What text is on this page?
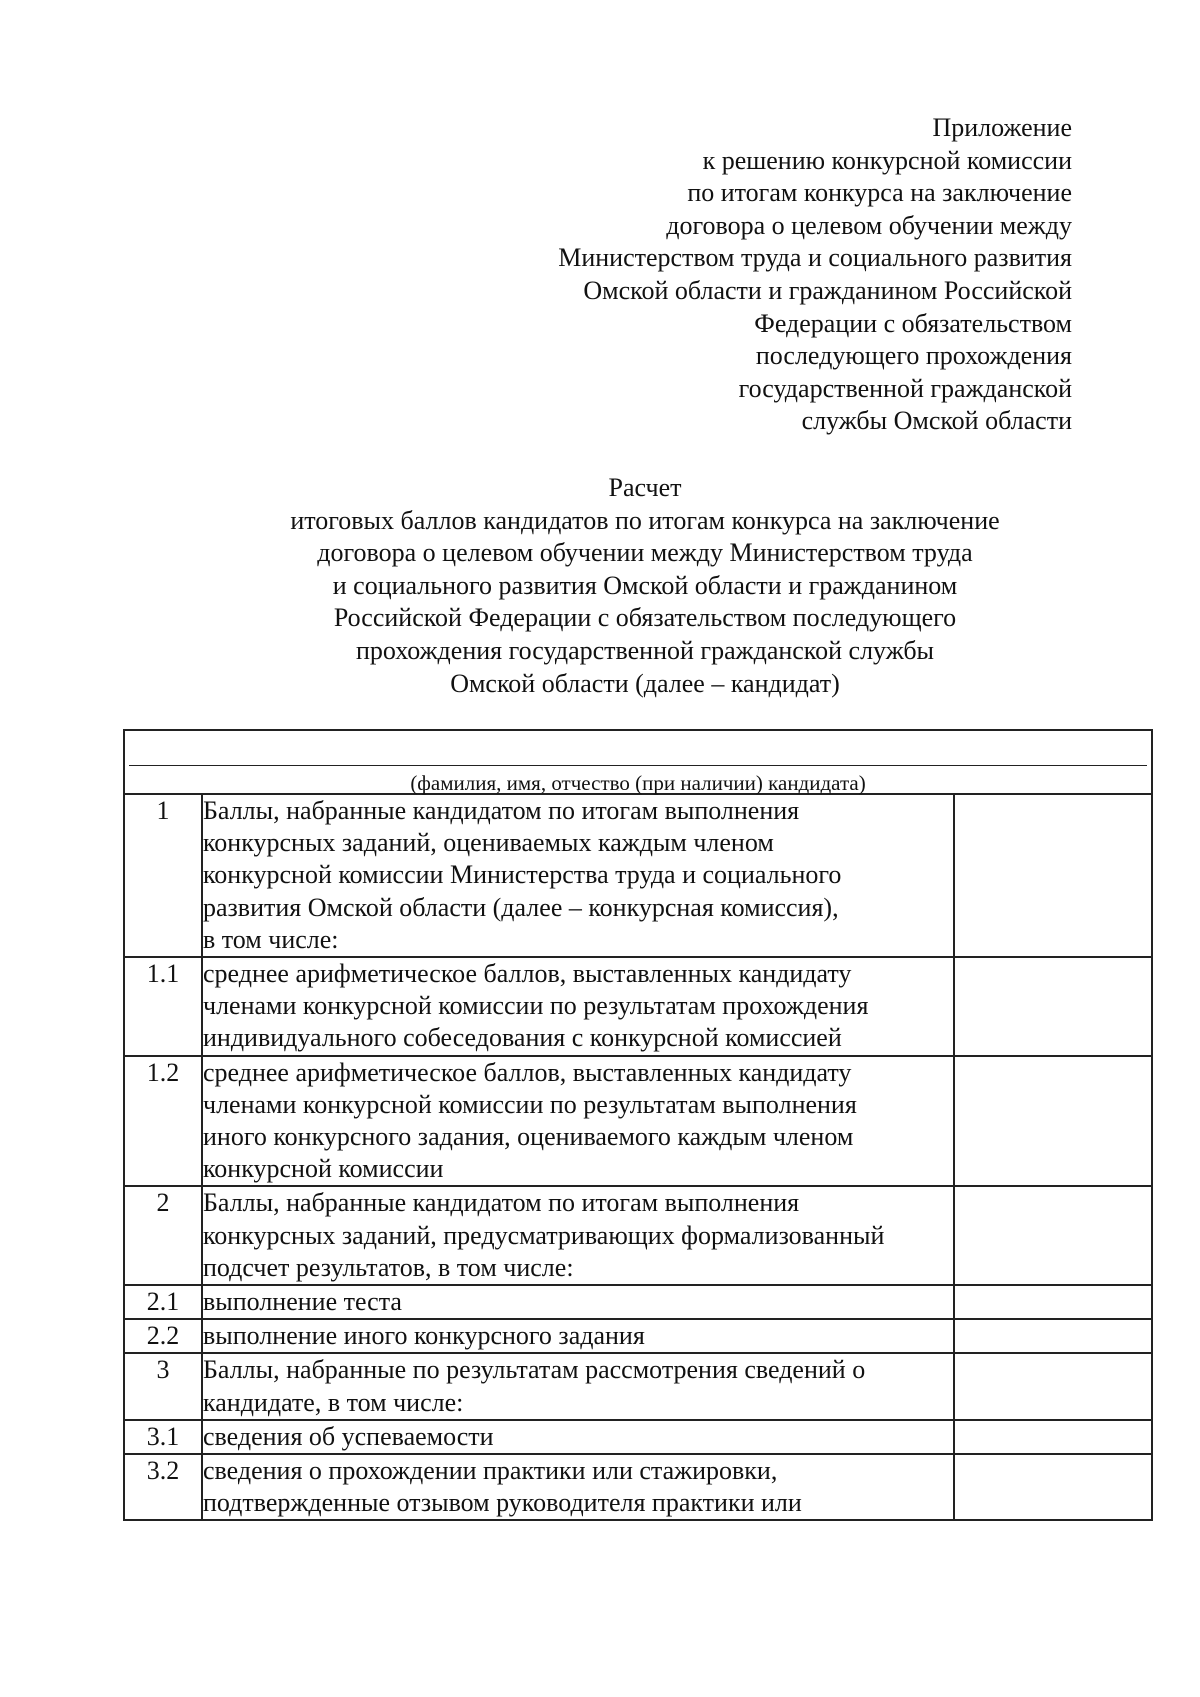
Приложение
к решению конкурсной комиссии
по итогам конкурса на заключение
договора о целевом обучении между
Министерством труда и социального развития
Омской области и гражданином Российской
Федерации с обязательством
последующего прохождения
государственной гражданской
службы Омской области
Расчет
итоговых баллов кандидатов по итогам конкурса на заключение
договора о целевом обучении между Министерством труда
и социального развития Омской области и гражданином
Российской Федерации с обязательством последующего
прохождения государственной гражданской службы
Омской области (далее – кандидат)
(фамилия, имя, отчество (при наличии) кандидата)		

1	Баллы, набранные кандидатом по итогам выполнения
конкурсных заданий, оцениваемых каждым членом
конкурсной комиссии Министерства труда и социального
развития Омской области (далее – конкурсная комиссия),
в том числе:	

1.1	среднее арифметическое баллов, выставленных кандидату
членами конкурсной комиссии по результатам прохождения
индивидуального собеседования с конкурсной комиссией	

1.2	среднее арифметическое баллов, выставленных кандидату
членами конкурсной комиссии по результатам выполнения
иного конкурсного задания, оцениваемого каждым членом
конкурсной комиссии	

2	Баллы, набранные кандидатом по итогам выполнения
конкурсных заданий, предусматривающих формализованный
подсчет результатов, в том числе:	

2.1	выполнение теста	

2.2	выполнение иного конкурсного задания	

3	Баллы, набранные по результатам рассмотрения сведений о
кандидате, в том числе:	

3.1	сведения об успеваемости	

3.2	сведения о прохождении практики или стажировки,
подтвержденные отзывом руководителя практики или	
